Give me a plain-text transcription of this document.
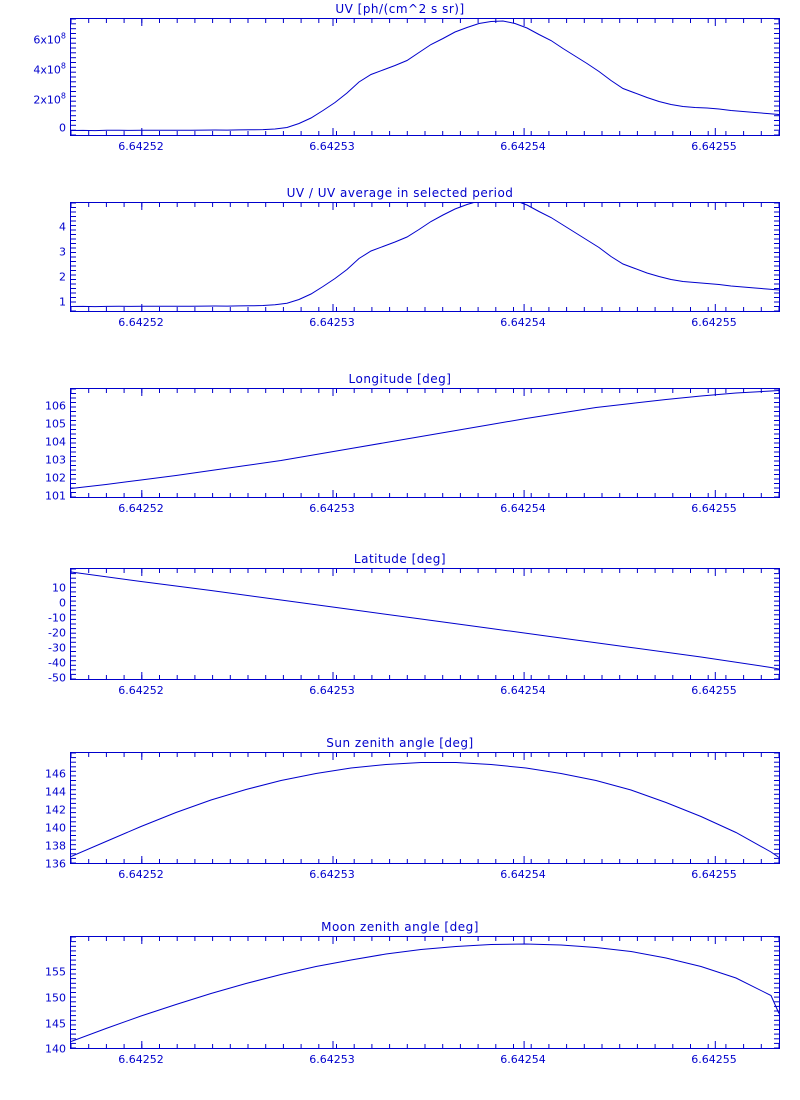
UV [ph/(cm^2 s sr)]
0
$2x10^8$
$4x10^8$
$6x10^8$
6.64252	6.64253	6.64254	6.64255
UV / UV average in selected period
1
2
3
4
6.64252	6.64253	6.64254	6.64255
Longitude [deg]
101
102
103
104
105
106
6.64252	6.64253	6.64254	6.64255
Latitude [deg]
-50
-40
-30
-20
-10
0
10
6.64252	6.64253	6.64254	6.64255
Sun zenith angle [deg]
136
138
140
142
144
146
6.64252	6.64253	6.64254	6.64255
Moon zenith angle [deg]
140
145
150
155
6.64252	6.64253	6.64254	6.64255
